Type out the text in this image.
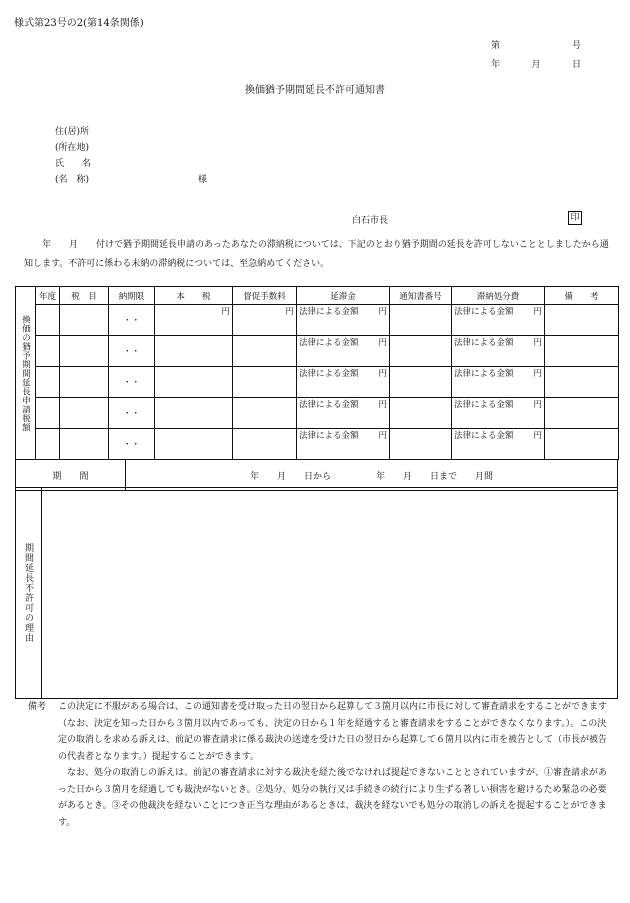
様式第23号の2(第14条関係)
第	号
年	月	日
換価猶予期間延長不許可通知書
住(居)所
(所在地)
氏　　名
(名　称)	様
白石市長	印
　　年　　月　　付けで猶予期間延長申請のあったあなたの滞納税については、下記のとおり猶予期間の延長を許可しないこととしましたから通知します。不許可に係わる未納の滞納税については、至急納めてください。
換価の猶予期間延長申請税額	年度	税　目	納期限	本　　税	督促手数料	延滞金	通知書番号	滞納処分費	備　　考
			・・	円	円	法律による金額 円		法律による金額 円	

			・・			法律による金額 円		法律による金額 円	

			・・			法律による金額 円		法律による金額 円	

			・・			法律による金額 円		法律による金額 円	

			・・			法律による金額 円		法律による金額 円	

期　　間	年　　月　　日から　　　　　年　　月　　日まで　　月間
期間延長不許可の理由	
備考	この決定に不服がある場合は、この通知書を受け取った日の翌日から起算して３箇月以内に市長に対して審査請求をすることができます（なお、決定を知った日から３箇月以内であっても、決定の日から１年を経過すると審査請求をすることができなくなります。）。この決定の取消しを求める訴えは、前記の審査請求に係る裁決の送達を受けた日の翌日から起算して６箇月以内に市を被告として（市長が被告の代表者となります。）提起することができます。

なお、処分の取消しの訴えは、前記の審査請求に対する裁決を経た後でなければ提起できないこととされていますが、①審査請求があった日から３箇月を経過しても裁決がないとき。②処分、処分の執行又は手続きの続行により生ずる著しい損害を避けるため緊急の必要があるとき。③その他裁決を経ないことにつき正当な理由があるときは、裁決を経ないでも処分の取消しの訴えを提起することができます。
